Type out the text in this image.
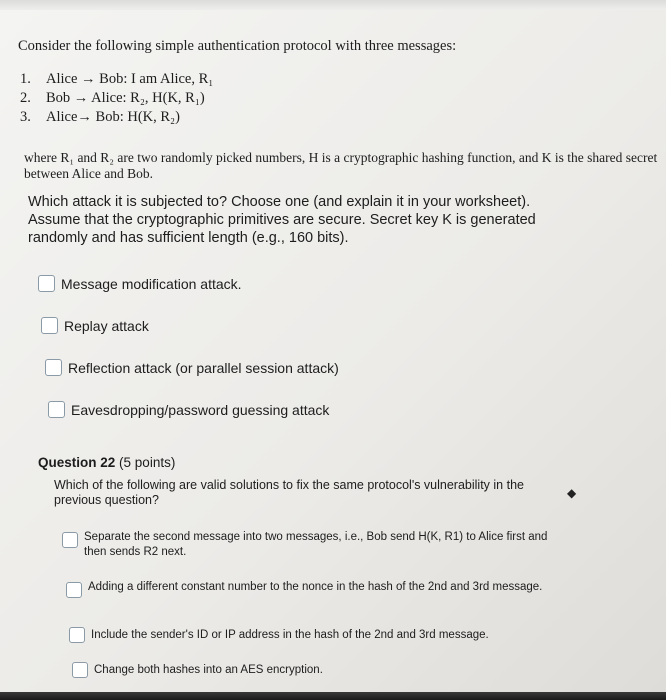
Consider the following simple authentication protocol with three messages:
1. Alice → Bob: I am Alice, R₁
2. Bob → Alice: R₂, H(K, R₁)
3. Alice→ Bob: H(K, R₂)
where R₁ and R₂ are two randomly picked numbers, H is a cryptographic hashing function, and K is the shared secret between Alice and Bob.
Which attack it is subjected to? Choose one (and explain it in your worksheet). Assume that the cryptographic primitives are secure. Secret key K is generated randomly and has sufficient length (e.g., 160 bits).
Message modification attack.
Replay attack
Reflection attack (or parallel session attack)
Eavesdropping/password guessing attack
Question 22 (5 points)
Which of the following are valid solutions to fix the same protocol's vulnerability in the previous question?	◆
Separate the second message into two messages, i.e., Bob send H(K, R1) to Alice first and then sends R2 next.
Adding a different constant number to the nonce in the hash of the 2nd and 3rd message.
Include the sender's ID or IP address in the hash of the 2nd and 3rd message.
Change both hashes into an AES encryption.
